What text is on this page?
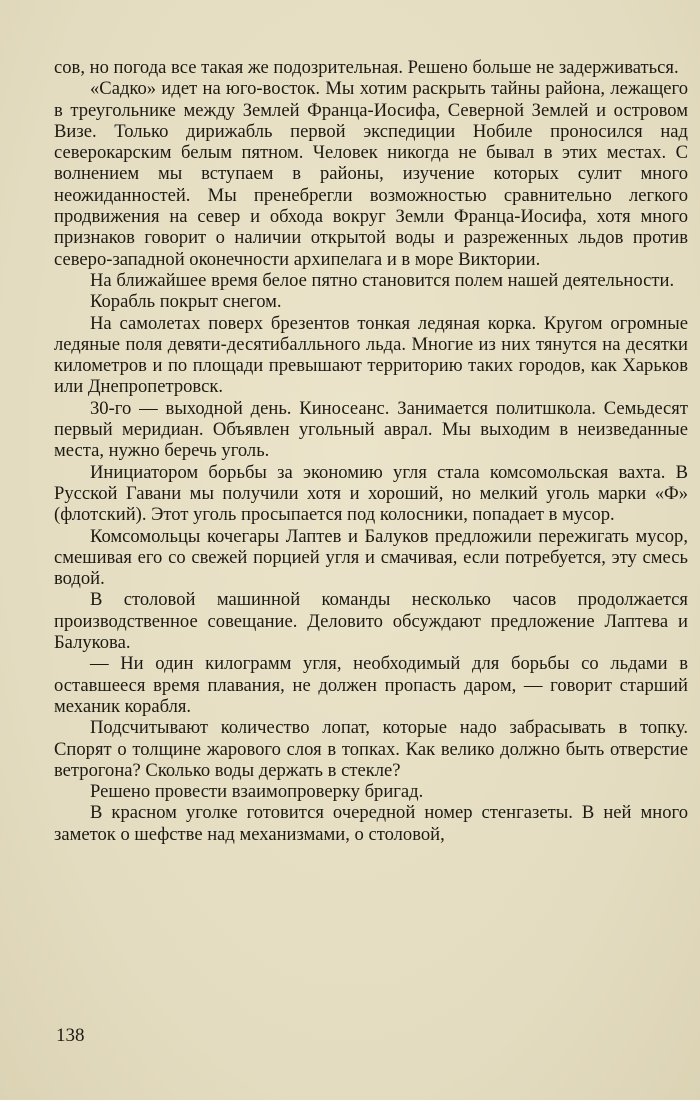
сов, но погода все такая же подозрительная. Решено больше не задерживаться.

«Садко» идет на юго-восток. Мы хотим раскрыть тайны района, лежащего в треугольнике между Землей Франца-Иосифа, Северной Землей и островом Визе. Только дирижабль первой экспедиции Нобиле проносился над северокарским белым пятном. Человек никогда не бывал в этих местах. С волнением мы вступаем в районы, изучение которых сулит много неожиданностей. Мы пренебрегли возможностью сравнительно легкого продвижения на север и обхода вокруг Земли Франца-Иосифа, хотя много признаков говорит о наличии открытой воды и разреженных льдов против северо-западной оконечности архипелага и в море Виктории.

На ближайшее время белое пятно становится полем нашей деятельности.

Корабль покрыт снегом.

На самолетах поверх брезентов тонкая ледяная корка. Кругом огромные ледяные поля девяти-десятибалльного льда. Многие из них тянутся на десятки километров и по площади превышают территорию таких городов, как Харьков или Днепропетровск.

30-го — выходной день. Киносеанс. Занимается политшкола. Семьдесят первый меридиан. Объявлен угольный аврал. Мы выходим в неизведанные места, нужно беречь уголь.

Инициатором борьбы за экономию угля стала комсомольская вахта. В Русской Гавани мы получили хотя и хороший, но мелкий уголь марки «Ф» (флотский). Этот уголь просыпается под колосники, попадает в мусор.

Комсомольцы кочегары Лаптев и Балуков предложили пережигать мусор, смешивая его со свежей порцией угля и смачивая, если потребуется, эту смесь водой.

В столовой машинной команды несколько часов продолжается производственное совещание. Деловито обсуждают предложение Лаптева и Балукова.

— Ни один килограмм угля, необходимый для борьбы со льдами в оставшееся время плавания, не должен пропасть даром, — говорит старший механик корабля.

Подсчитывают количество лопат, которые надо забрасывать в топку. Спорят о толщине жарового слоя в топках. Как велико должно быть отверстие ветрогона? Сколько воды держать в стекле?

Решено провести взаимопроверку бригад.

В красном уголке готовится очередной номер стенгазеты. В ней много заметок о шефстве над механизмами, о столовой,

138
